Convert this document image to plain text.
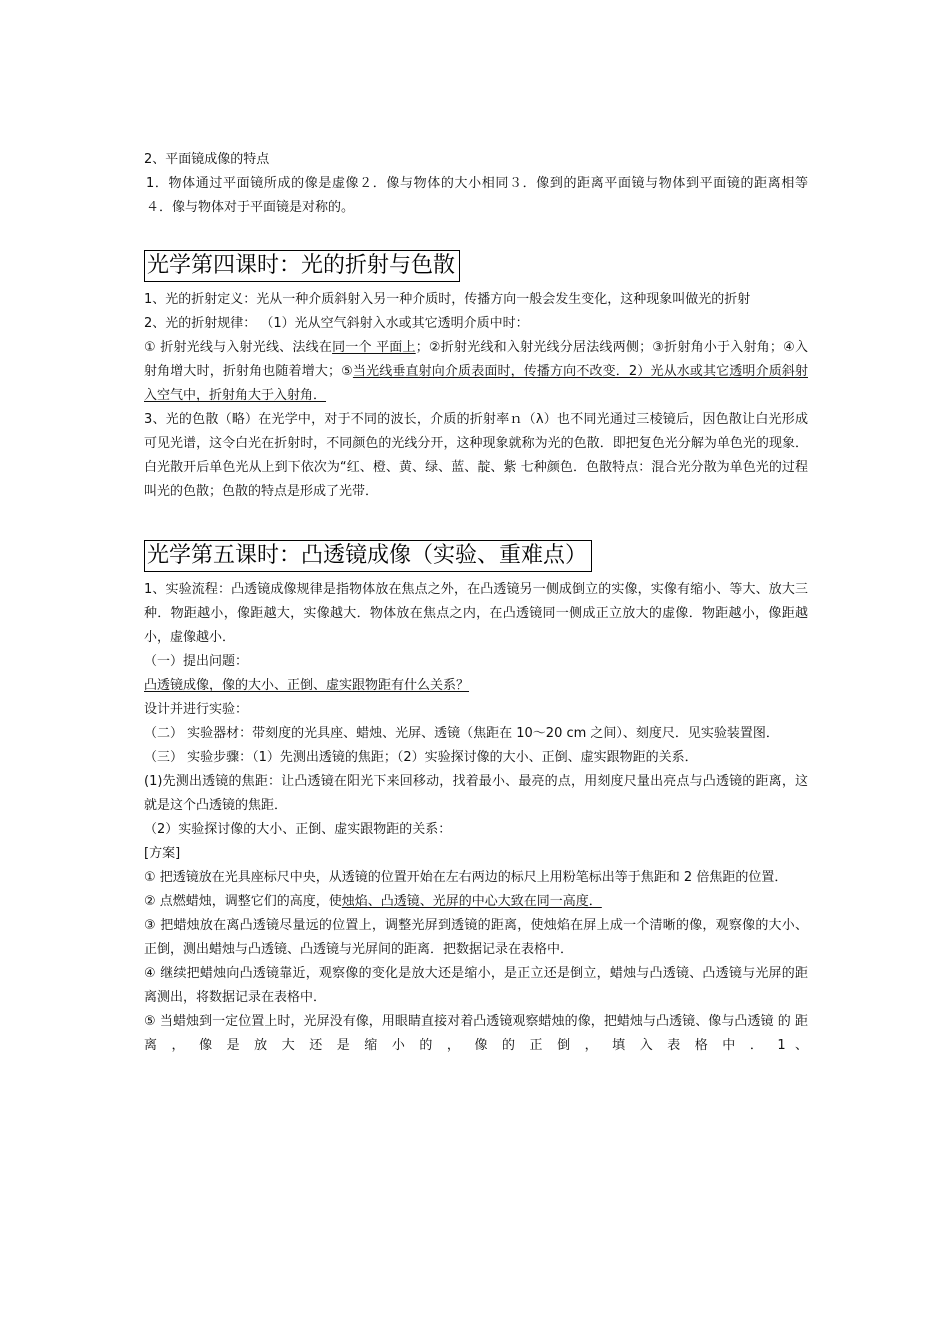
2、平面镜成像的特点

1．物体通过平面镜所成的像是虚像２．像与物体的大小相同３．像到的距离平面镜与物体到平面镜的距离相等 ４．像与物体对于平面镜是对称的。

光学第四课时：光的折射与色散

1、光的折射定义：光从一种介质斜射入另一种介质时，传播方向一般会发生变化，这种现象叫做光的折射

2、光的折射规律： （1）光从空气斜射入水或其它透明介质中时：

① 折射光线与入射光线、法线在同一个 平面上；②折射光线和入射光线分居法线两侧；③折射角小于入射角；④入射角增大时，折射角也随着增大；⑤当光线垂直射向介质表面时，传播方向不改变．2）光从水或其它透明介质斜射入空气中，折射角大于入射角．

3、光的色散（略）在光学中，对于不同的波长，介质的折射率ｎ（λ）也不同光通过三棱镜后，因色散让白光形成可见光谱，这令白光在折射时，不同颜色的光线分开，这种现象就称为光的色散．即把复色光分解为单色光的现象．白光散开后单色光从上到下依次为“红、橙、黄、绿、蓝、靛、紫 七种颜色．色散特点：混合光分散为单色光的过程叫光的色散；色散的特点是形成了光带．

光学第五课时：凸透镜成像（实验、重难点）

1、实验流程：凸透镜成像规律是指物体放在焦点之外，在凸透镜另一侧成倒立的实像，实像有缩小、等大、放大三种．物距越小，像距越大，实像越大．物体放在焦点之内，在凸透镜同一侧成正立放大的虚像．物距越小，像距越小，虚像越小．

（一）提出问题：

凸透镜成像，像的大小、正倒、虚实跟物距有什么关系？

设计并进行实验：

（二） 实验器材：带刻度的光具座、蜡烛、光屏、透镜（焦距在 10～20 cm 之间）、刻度尺．见实验装置图．

（三） 实验步骤：（1）先测出透镜的焦距；（2）实验探讨像的大小、正倒、虚实跟物距的关系．

(1)先测出透镜的焦距：让凸透镜在阳光下来回移动，找着最小、最亮的点，用刻度尺量出亮点与凸透镜的距离，这就是这个凸透镜的焦距．

（2）实验探讨像的大小、正倒、虚实跟物距的关系：

[方案]

① 把透镜放在光具座标尺中央，从透镜的位置开始在左右两边的标尺上用粉笔标出等于焦距和 2 倍焦距的位置．

② 点燃蜡烛，调整它们的高度，使烛焰、凸透镜、光屏的中心大致在同一高度．

③ 把蜡烛放在离凸透镜尽量远的位置上，调整光屏到透镜的距离，使烛焰在屏上成一个清晰的像，观察像的大小、正倒，测出蜡烛与凸透镜、凸透镜与光屏间的距离．把数据记录在表格中．

④ 继续把蜡烛向凸透镜靠近，观察像的变化是放大还是缩小，是正立还是倒立，蜡烛与凸透镜、凸透镜与光屏的距离测出，将数据记录在表格中．

⑤ 当蜡烛到一定位置上时，光屏没有像，用眼睛直接对着凸透镜观察蜡烛的像，把蜡烛与凸透镜、像与凸透镜 的 距 离 ， 像 是 放 大 还 是 缩 小 的 ， 像 的 正 倒 ， 填 入 表 格 中 ． 1 、
